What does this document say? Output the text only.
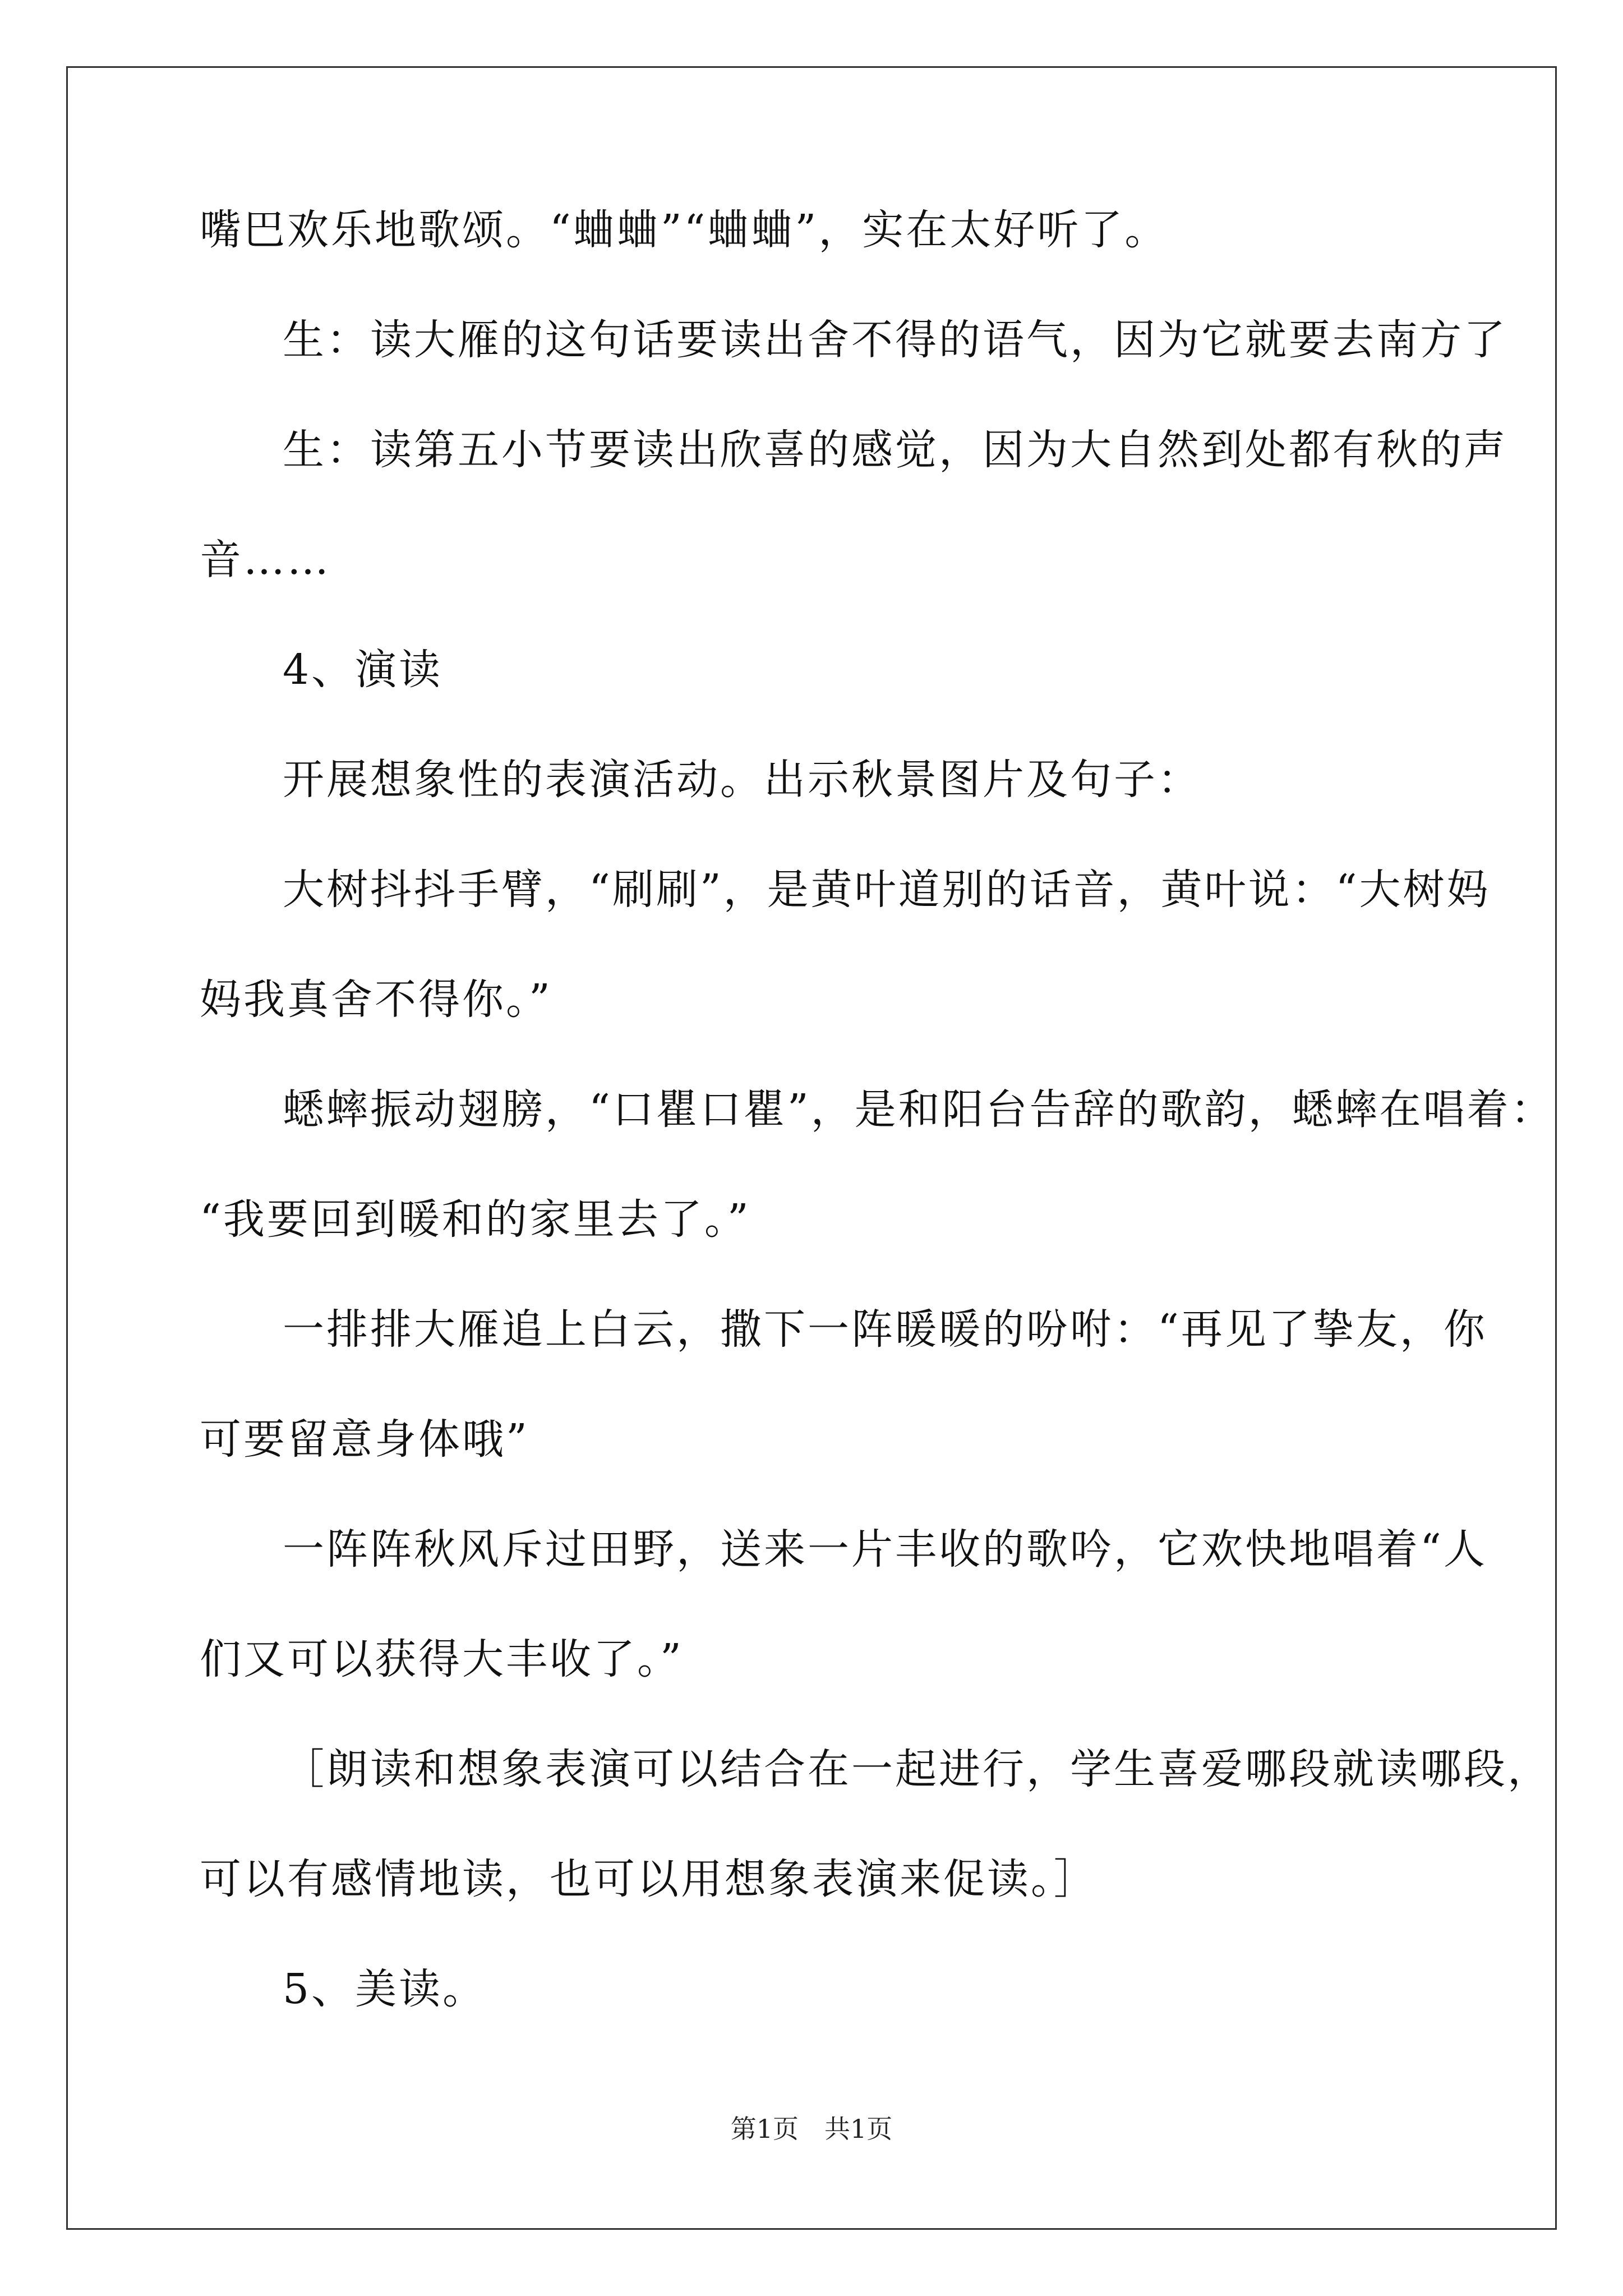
嘴巴欢乐地歌颂。“蛐蛐”“蛐蛐”，实在太好听了。
生：读大雁的这句话要读出舍不得的语气，因为它就要去南方了
生：读第五小节要读出欣喜的感觉，因为大自然到处都有秋的声
音……
4、演读
开展想象性的表演活动。出示秋景图片及句子：
大树抖抖手臂，“刷刷”，是黄叶道别的话音，黄叶说：“大树妈
妈我真舍不得你。”
蟋蟀振动翅膀，“口瞿口瞿”，是和阳台告辞的歌韵，蟋蟀在唱着：
“我要回到暖和的家里去了。”
一排排大雁追上白云，撒下一阵暖暖的吩咐：“再见了挚友，你
可要留意身体哦”
一阵阵秋风斥过田野，送来一片丰收的歌吟，它欢快地唱着“人
们又可以获得大丰收了。”
［朗读和想象表演可以结合在一起进行，学生喜爱哪段就读哪段，
可以有感情地读，也可以用想象表演来促读。］
5、美读。
第1页　共1页
